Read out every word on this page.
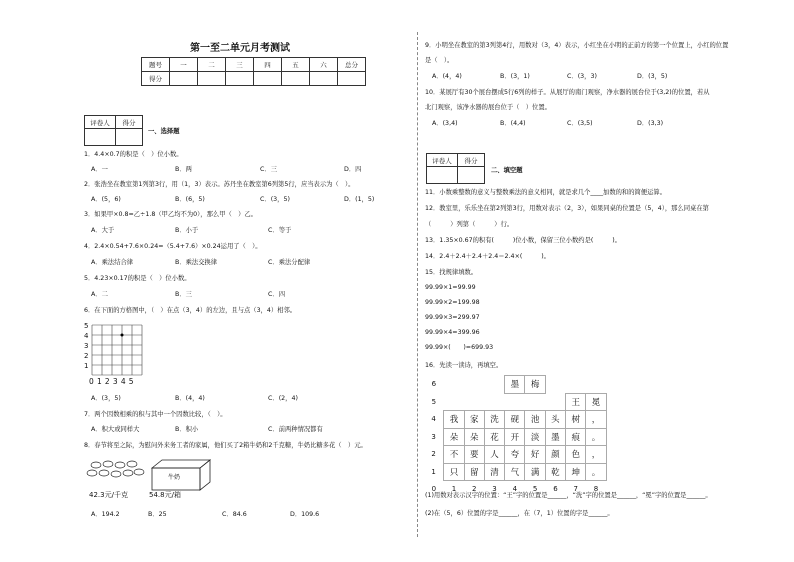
第一至二单元月考测试
题号	一	二	三	四	五	六	总分
得分							
评卷人	得分

一、选择题
1．4.4×0.7的积是（　）位小数。
A．一	B．两	C．三	D．四
2．张浩坐在教室第1列第3行，用（1，3）表示。苏丹坐在教室第6列第5行，应当表示为（　）。
A．(5，6)	B．(6，5)	C．(3，5)	D．(1，5)
3．如果甲×0.8=乙÷1.8（甲乙均不为0），那么甲（　）乙。
A．大于	B．小于	C．等于
4．2.4×0.54+7.6×0.24=（5.4+7.6）×0.24运用了（　）。
A．乘法结合律	B．乘法交换律	C．乘法分配律
5．4.23×0.17的积是（　）位小数。
A．二	B．三	C．四
6．在下面的方格图中，（　）在点（3，4）的左边，且与点（3，4）相邻。
5
4
3
2
1
0 1 2 3 4 5
A．(3，5)	B．(4，4)	C．(2，4)
7．两个因数相乘的积与其中一个因数比较，（　）。
A．积大或同样大	B．积小	C．前两种情况都有
8．春节将至之际，为慰问外来务工者的家属，他们买了2箱牛奶和2千克糖，牛奶比糖多花（　）元。
42.3元/千克
牛奶
54.8元/箱
A．194.2	B．25	C．84.6	D．109.6
9．小明坐在教室的第3列第4行，用数对（3，4）表示，小红坐在小明的正前方的第一个位置上，小红的位置
是（　）。
A．(4，4)	B．(3，1)	C．(3，3)	D．(3，5)
10．某展厅有30个展台摆成5行6列的样子。从展厅的南门观察，净水器的展台位于(3,2)的位置，若从
北门观察，该净水器的展台位于（　）位置。
A．(3,4)	B．(4,4)	C．(3,5)	D．(3,3)
评卷人	得分

二、填空题
11．小数乘整数的意义与整数乘法的意义相同，就是求几个____加数的和的简便运算。
12．教室里，乐乐坐在第2列第3行，用数对表示（2，3），如果同桌的位置是（5，4），那么同桌在第
（　　　）列第（　　　）行。
13．1.35×0.67的积有(　　　)位小数，保留三位小数约是(　　　)。
14．2.4＋2.4＋2.4＋2.4＝2.4×(　　　)。
15．找规律填数。
99.99×1=99.99
99.99×2=199.98
99.99×3=299.97
99.99×4=399.96
99.99×(　　)=699.93
16．先读一读诗，再填空。
6				墨	梅			
5							王	冕
4	我	家	洗	砚	池	头	树	，
3	朵	朵	花	开	淡	墨	痕	。
2	不	要	人	夸	好	颜	色	，
1	只	留	清	气	满	乾	坤	。
0	1	2	3	4	5	6	7	8
(1)用数对表示汉字的位置：“王”字的位置是______，“洗”字的位置是______，“冕”字的位置是______。
(2)在（5，6）位置的字是______，在（7，1）位置的字是______。
